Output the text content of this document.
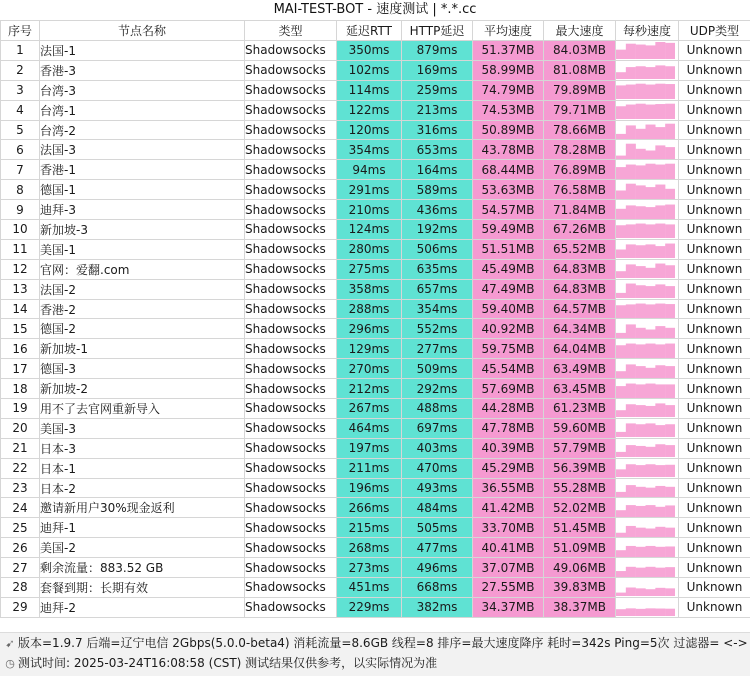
MAI-TEST-BOT - 速度测试 | *.*.cc
序号	节点名称	类型	延迟RTT	HTTP延迟	平均速度	最大速度	每秒速度	UDP类型
1	法国-1	Shadowsocks	350ms	879ms	51.37MB	84.03MB		Unknown
2	香港-3	Shadowsocks	102ms	169ms	58.99MB	81.08MB		Unknown
3	台湾-3	Shadowsocks	114ms	259ms	74.79MB	79.89MB		Unknown
4	台湾-1	Shadowsocks	122ms	213ms	74.53MB	79.71MB		Unknown
5	台湾-2	Shadowsocks	120ms	316ms	50.89MB	78.66MB		Unknown
6	法国-3	Shadowsocks	354ms	653ms	43.78MB	78.28MB		Unknown
7	香港-1	Shadowsocks	94ms	164ms	68.44MB	76.89MB		Unknown
8	德国-1	Shadowsocks	291ms	589ms	53.63MB	76.58MB		Unknown
9	迪拜-3	Shadowsocks	210ms	436ms	54.57MB	71.84MB		Unknown
10	新加坡-3	Shadowsocks	124ms	192ms	59.49MB	67.26MB		Unknown
11	美国-1	Shadowsocks	280ms	506ms	51.51MB	65.52MB		Unknown
12	官网：爱翻.com	Shadowsocks	275ms	635ms	45.49MB	64.83MB		Unknown
13	法国-2	Shadowsocks	358ms	657ms	47.49MB	64.83MB		Unknown
14	香港-2	Shadowsocks	288ms	354ms	59.40MB	64.57MB		Unknown
15	德国-2	Shadowsocks	296ms	552ms	40.92MB	64.34MB		Unknown
16	新加坡-1	Shadowsocks	129ms	277ms	59.75MB	64.04MB		Unknown
17	德国-3	Shadowsocks	270ms	509ms	45.54MB	63.49MB		Unknown
18	新加坡-2	Shadowsocks	212ms	292ms	57.69MB	63.45MB		Unknown
19	用不了去官网重新导入	Shadowsocks	267ms	488ms	44.28MB	61.23MB		Unknown
20	美国-3	Shadowsocks	464ms	697ms	47.78MB	59.60MB		Unknown
21	日本-3	Shadowsocks	197ms	403ms	40.39MB	57.79MB		Unknown
22	日本-1	Shadowsocks	211ms	470ms	45.29MB	56.39MB		Unknown
23	日本-2	Shadowsocks	196ms	493ms	36.55MB	55.28MB		Unknown
24	邀请新用户30%现金返利	Shadowsocks	266ms	484ms	41.42MB	52.02MB		Unknown
25	迪拜-1	Shadowsocks	215ms	505ms	33.70MB	51.45MB		Unknown
26	美国-2	Shadowsocks	268ms	477ms	40.41MB	51.09MB		Unknown
27	剩余流量：883.52 GB	Shadowsocks	273ms	496ms	37.07MB	49.06MB		Unknown
28	套餐到期：长期有效	Shadowsocks	451ms	668ms	27.55MB	39.83MB		Unknown
29	迪拜-2	Shadowsocks	229ms	382ms	34.37MB	38.37MB		Unknown
➹ 版本=1.9.7 后端=辽宁电信 2Gbps(5.0.0-beta4) 消耗流量=8.6GB 线程=8 排序=最大速度降序 耗时=342s Ping=5次 过滤器= <->
◷ 测试时间: 2025-03-24T16:08:58 (CST) 测试结果仅供参考，以实际情况为准
